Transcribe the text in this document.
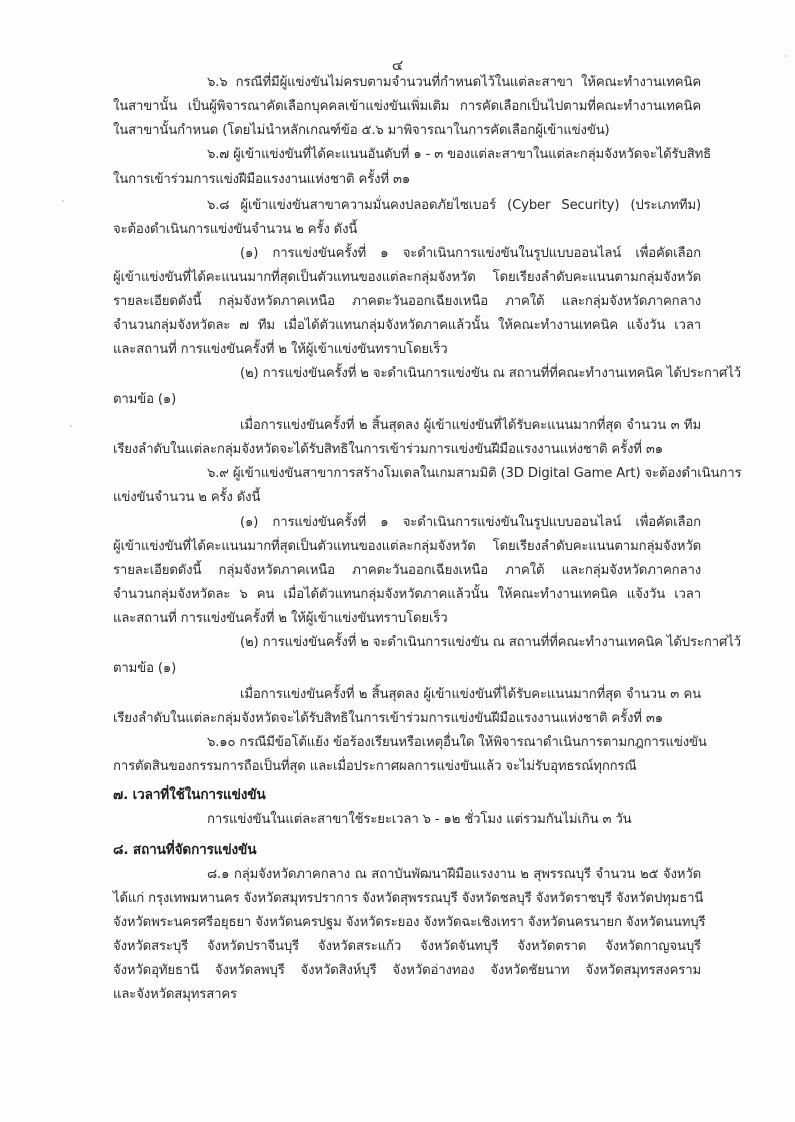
๔
๖.๖ กรณีที่มีผู้แข่งขันไม่ครบตามจำนวนที่กำหนดไว้ในแต่ละสาขา ให้คณะทำงานเทคนิค
ในสาขานั้น เป็นผู้พิจารณาคัดเลือกบุคคลเข้าแข่งขันเพิ่มเติม การคัดเลือกเป็นไปตามที่คณะทำงานเทคนิค
ในสาขานั้นกำหนด (โดยไม่นำหลักเกณฑ์ข้อ ๕.๖ มาพิจารณาในการคัดเลือกผู้เข้าแข่งขัน)
๖.๗ ผู้เข้าแข่งขันที่ได้คะแนนอันดับที่ ๑ - ๓ ของแต่ละสาขาในแต่ละกลุ่มจังหวัดจะได้รับสิทธิ
ในการเข้าร่วมการแข่งฝีมือแรงงานแห่งชาติ ครั้งที่ ๓๑
๖.๘ ผู้เข้าแข่งขันสาขาความมั่นคงปลอดภัยไซเบอร์ (Cyber Security) (ประเภททีม)
จะต้องดำเนินการแข่งขันจำนวน ๒ ครั้ง ดังนี้
(๑) การแข่งขันครั้งที่ ๑ จะดำเนินการแข่งขันในรูปแบบออนไลน์ เพื่อคัดเลือก
ผู้เข้าแข่งขันที่ได้คะแนนมากที่สุดเป็นตัวแทนของแต่ละกลุ่มจังหวัด โดยเรียงลำดับคะแนนตามกลุ่มจังหวัด
รายละเอียดดังนี้ กลุ่มจังหวัดภาคเหนือ ภาคตะวันออกเฉียงเหนือ ภาคใต้ และกลุ่มจังหวัดภาคกลาง
จำนวนกลุ่มจังหวัดละ ๗ ทีม เมื่อได้ตัวแทนกลุ่มจังหวัดภาคแล้วนั้น ให้คณะทำงานเทคนิค แจ้งวัน เวลา
และสถานที่ การแข่งขันครั้งที่ ๒ ให้ผู้เข้าแข่งขันทราบโดยเร็ว
(๒) การแข่งขันครั้งที่ ๒ จะดำเนินการแข่งขัน ณ สถานที่ที่คณะทำงานเทคนิค ได้ประกาศไว้
ตามข้อ (๑)
เมื่อการแข่งขันครั้งที่ ๒ สิ้นสุดลง ผู้เข้าแข่งขันที่ได้รับคะแนนมากที่สุด จำนวน ๓ ทีม
เรียงลำดับในแต่ละกลุ่มจังหวัดจะได้รับสิทธิในการเข้าร่วมการแข่งขันฝีมือแรงงานแห่งชาติ ครั้งที่ ๓๑
๖.๙ ผู้เข้าแข่งขันสาขาการสร้างโมเดลในเกมสามมิติ (3D Digital Game Art) จะต้องดำเนินการ
แข่งขันจำนวน ๒ ครั้ง ดังนี้
(๑) การแข่งขันครั้งที่ ๑ จะดำเนินการแข่งขันในรูปแบบออนไลน์ เพื่อคัดเลือก
ผู้เข้าแข่งขันที่ได้คะแนนมากที่สุดเป็นตัวแทนของแต่ละกลุ่มจังหวัด โดยเรียงลำดับคะแนนตามกลุ่มจังหวัด
รายละเอียดดังนี้ กลุ่มจังหวัดภาคเหนือ ภาคตะวันออกเฉียงเหนือ ภาคใต้ และกลุ่มจังหวัดภาคกลาง
จำนวนกลุ่มจังหวัดละ ๖ คน เมื่อได้ตัวแทนกลุ่มจังหวัดภาคแล้วนั้น ให้คณะทำงานเทคนิค แจ้งวัน เวลา
และสถานที่ การแข่งขันครั้งที่ ๒ ให้ผู้เข้าแข่งขันทราบโดยเร็ว
(๒) การแข่งขันครั้งที่ ๒ จะดำเนินการแข่งขัน ณ สถานที่ที่คณะทำงานเทคนิค ได้ประกาศไว้
ตามข้อ (๑)
เมื่อการแข่งขันครั้งที่ ๒ สิ้นสุดลง ผู้เข้าแข่งขันที่ได้รับคะแนนมากที่สุด จำนวน ๓ คน
เรียงลำดับในแต่ละกลุ่มจังหวัดจะได้รับสิทธิในการเข้าร่วมการแข่งขันฝีมือแรงงานแห่งชาติ ครั้งที่ ๓๑
๖.๑๐ กรณีมีข้อโต้แย้ง ข้อร้องเรียนหรือเหตุอื่นใด ให้พิจารณาดำเนินการตามกฎการแข่งขัน
การตัดสินของกรรมการถือเป็นที่สุด และเมื่อประกาศผลการแข่งขันแล้ว จะไม่รับอุทธรณ์ทุกกรณี
๗. เวลาที่ใช้ในการแข่งขัน
การแข่งขันในแต่ละสาขาใช้ระยะเวลา ๖ - ๑๒ ชั่วโมง แต่รวมกันไม่เกิน ๓ วัน
๘. สถานที่จัดการแข่งขัน
๘.๑ กลุ่มจังหวัดภาคกลาง ณ สถาบันพัฒนาฝีมือแรงงาน ๒ สุพรรณบุรี จำนวน ๒๕ จังหวัด
ได้แก่ กรุงเทพมหานคร จังหวัดสมุทรปราการ จังหวัดสุพรรณบุรี จังหวัดชลบุรี จังหวัดราชบุรี จังหวัดปทุมธานี
จังหวัดพระนครศรีอยุธยา จังหวัดนครปฐม จังหวัดระยอง จังหวัดฉะเชิงเทรา จังหวัดนครนายก จังหวัดนนทบุรี
จังหวัดสระบุรี จังหวัดปราจีนบุรี จังหวัดสระแก้ว จังหวัดจันทบุรี จังหวัดตราด จังหวัดกาญจนบุรี
จังหวัดอุทัยธานี จังหวัดลพบุรี จังหวัดสิงห์บุรี จังหวัดอ่างทอง จังหวัดชัยนาท จังหวัดสมุทรสงคราม
และจังหวัดสมุทรสาคร
